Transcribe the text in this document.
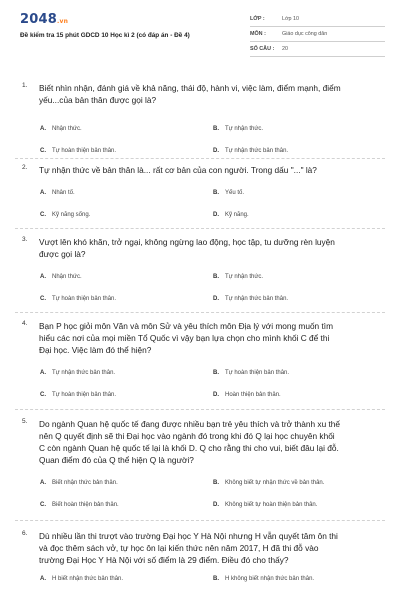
2048.vn
Đề kiểm tra 15 phút GDCD 10 Học kì 2 (có đáp án - Đề 4)
LỚP :	Lớp 10
MÔN :	Giáo dục công dân
SỐ CÂU :	20
1. Biết nhìn nhận, đánh giá về khả năng, thái độ, hành vi, việc làm, điểm mạnh, điểm
yếu...của bản thân được gọi là?
A. Nhận thức.	B. Tự nhận thức.
C. Tự hoàn thiện bản thân.	D. Tự nhận thức bản thân.
2. Tự nhận thức về bản thân là... rất cơ bản của con người. Trong dấu "..." là?
A. Nhân tố.	B. Yếu tố.
C. Kỹ năng sống.	D. Kỹ năng.
3. Vượt lên khó khăn, trở ngại, không ngừng lao động, học tập, tu dưỡng rèn luyện
được gọi là?
A. Nhận thức.	B. Tự nhận thức.
C. Tự hoàn thiện bản thân.	D. Tự nhận thức bản thân.
4. Bạn P học giỏi môn Văn và môn Sử và yêu thích môn Địa lý với mong muốn tìm
hiểu các nơi của mọi miền Tổ Quốc vì vậy bạn lựa chọn cho mình khối C để thi
Đại học. Việc làm đó thể hiện?
A. Tự nhận thức bản thân.	B. Tự hoàn thiện bản thân.
C. Tự hoàn thiện bản thân.	D. Hoàn thiện bản thân.
5. Do ngành Quan hệ quốc tế đang được nhiều bạn trẻ yêu thích và trở thành xu thế
nên Q quyết định sẽ thi Đại học vào ngành đó trong khi đó Q lại học chuyên khối
C còn ngành Quan hệ quốc tế lại là khối D. Q cho rằng thi cho vui, biết đâu lại đỗ.
Quan điểm đó của Q thể hiện Q là người?
A. Biết nhận thức bản thân.	B. Không biết tự nhận thức về bản thân.
C. Biết hoàn thiện bản thân.	D. Không biết tự hoàn thiện bản thân.
6. Dù nhiều lần thi trượt vào trường Đại học Y Hà Nội nhưng H vẫn quyết tâm ôn thi
và đọc thêm sách vở, tự học ôn lại kiến thức nên năm 2017, H đã thi đỗ vào
trường Đại Học Y Hà Nội với số điểm là 29 điểm. Điều đó cho thấy?
A. H biết nhận thức bản thân.	B. H không biết nhận thức bản thân.
